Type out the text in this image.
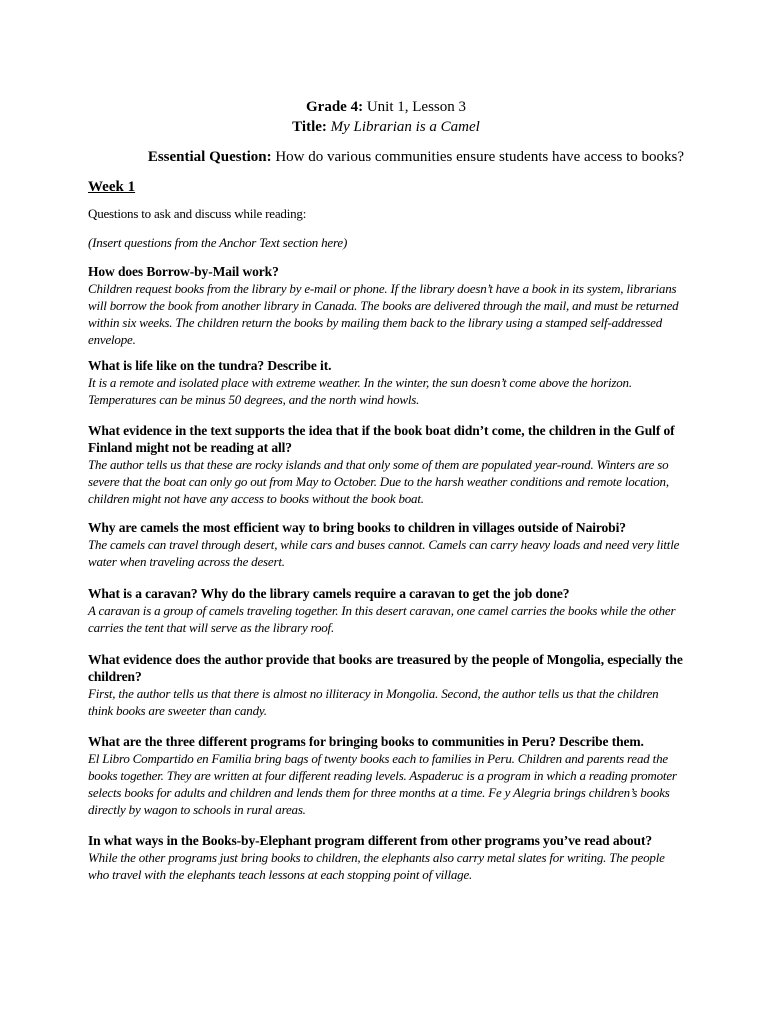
Grade 4: Unit 1, Lesson 3
Title: My Librarian is a Camel
Essential Question: How do various communities ensure students have access to books?
Week 1
Questions to ask and discuss while reading:
(Insert questions from the Anchor Text section here)
How does Borrow-by-Mail work?
Children request books from the library by e-mail or phone. If the library doesn’t have a book in its system, librarians will borrow the book from another library in Canada. The books are delivered through the mail, and must be returned within six weeks. The children return the books by mailing them back to the library using a stamped self-addressed envelope.
What is life like on the tundra? Describe it.
It is a remote and isolated place with extreme weather. In the winter, the sun doesn’t come above the horizon. Temperatures can be minus 50 degrees, and the north wind howls.
What evidence in the text supports the idea that if the book boat didn’t come, the children in the Gulf of Finland might not be reading at all?
The author tells us that these are rocky islands and that only some of them are populated year-round. Winters are so severe that the boat can only go out from May to October. Due to the harsh weather conditions and remote location, children might not have any access to books without the book boat.
Why are camels the most efficient way to bring books to children in villages outside of Nairobi?
The camels can travel through desert, while cars and buses cannot. Camels can carry heavy loads and need very little water when traveling across the desert.
What is a caravan? Why do the library camels require a caravan to get the job done?
A caravan is a group of camels traveling together. In this desert caravan, one camel carries the books while the other carries the tent that will serve as the library roof.
What evidence does the author provide that books are treasured by the people of Mongolia, especially the children?
First, the author tells us that there is almost no illiteracy in Mongolia. Second, the author tells us that the children think books are sweeter than candy.
What are the three different programs for bringing books to communities in Peru? Describe them.
El Libro Compartido en Familia bring bags of twenty books each to families in Peru. Children and parents read the books together. They are written at four different reading levels. Aspaderuc is a program in which a reading promoter selects books for adults and children and lends them for three months at a time. Fe y Alegria brings children’s books directly by wagon to schools in rural areas.
In what ways in the Books-by-Elephant program different from other programs you’ve read about?
While the other programs just bring books to children, the elephants also carry metal slates for writing. The people who travel with the elephants teach lessons at each stopping point of village.
